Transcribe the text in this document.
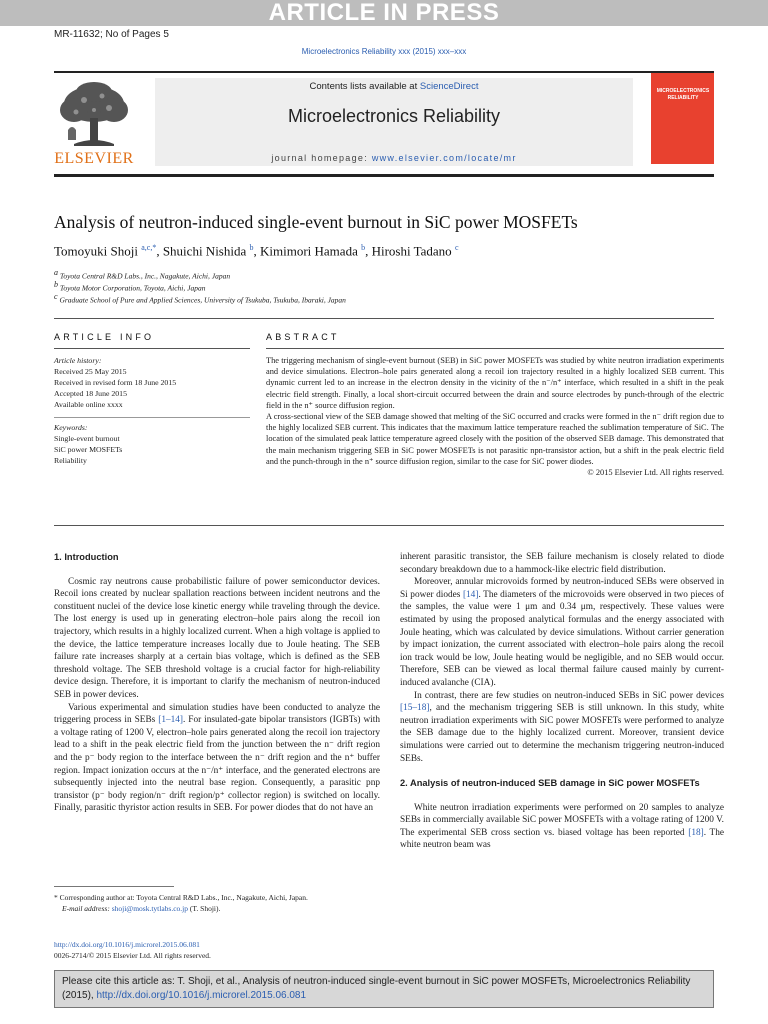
ARTICLE IN PRESS
MR-11632; No of Pages 5
Microelectronics Reliability xxx (2015) xxx–xxx
ELSEVIER
Contents lists available at ScienceDirect
Microelectronics Reliability
journal homepage: www.elsevier.com/locate/mr
MICROELECTRONICS RELIABILITY
Analysis of neutron-induced single-event burnout in SiC power MOSFETs
Tomoyuki Shoji $^{a,c,*}$, Shuichi Nishida $^b$, Kimimori Hamada $^b$, Hiroshi Tadano $^c$
$^a$ Toyota Central R&D Labs., Inc., Nagakute, Aichi, Japan
$^b$ Toyota Motor Corporation, Toyota, Aichi, Japan
$^c$ Graduate School of Pure and Applied Sciences, University of Tsukuba, Tsukuba, Ibaraki, Japan
ARTICLE INFO
Article history:
Received 25 May 2015
Received in revised form 18 June 2015
Accepted 18 June 2015
Available online xxxx
Keywords:
Single-event burnout
SiC power MOSFETs
Reliability
ABSTRACT

The triggering mechanism of single-event burnout (SEB) in SiC power MOSFETs was studied by white neutron irradiation experiments and device simulations. Electron–hole pairs generated along a recoil ion trajectory resulted in a highly localized SEB current. This dynamic current led to an increase in the electron density in the vicinity of the n⁻/n⁺ interface, which resulted in a shift in the peak electric field strength. Finally, a local short-circuit occurred between the drain and source electrodes by punch-through of the electric field in the n⁺ source diffusion region.

A cross-sectional view of the SEB damage showed that melting of the SiC occurred and cracks were formed in the n⁻ drift region due to the highly localized SEB current. This indicates that the maximum lattice temperature reached the sublimation temperature of SiC. The location of the simulated peak lattice temperature agreed closely with the position of the observed SEB damage. This demonstrated that the main mechanism triggering SEB in SiC power MOSFETs is not parasitic npn-transistor action, but a shift in the peak electric field and the punch-through in the n⁺ source diffusion region, similar to the case for SiC power diodes.

© 2015 Elsevier Ltd. All rights reserved.

1. Introduction

Cosmic ray neutrons cause probabilistic failure of power semiconductor devices. Recoil ions created by nuclear spallation reactions between incident neutrons and the constituent nuclei of the device lose kinetic energy while traveling through the device. The lost energy is used up in generating electron–hole pairs along the recoil ion trajectory, which results in a highly localized current. When a high voltage is applied to the device, the lattice temperature increases locally due to Joule heating. The SEB failure rate increases sharply at a certain bias voltage, which is defined as the SEB threshold voltage. The SEB threshold voltage is a crucial factor for high-reliability device design. Therefore, it is important to clarify the mechanism of neutron-induced SEB in power devices.

Various experimental and simulation studies have been conducted to analyze the triggering process in SEBs [1–14]. For insulated-gate bipolar transistors (IGBTs) with a voltage rating of 1200 V, electron–hole pairs generated along the recoil ion trajectory lead to a shift in the peak electric field from the junction between the n⁻ drift region and the p⁻ body region to the interface between the n⁻ drift region and the n⁺ buffer region. Impact ionization occurs at the n⁻/n⁺ interface, and the generated electrons are subsequently injected into the neutral base region. Consequently, a parasitic pnp transistor (p⁻ body region/n⁻ drift region/p⁺ collector region) is switched on locally. Finally, parasitic thyristor action results in SEB. For power diodes that do not have an

inherent parasitic transistor, the SEB failure mechanism is closely related to diode secondary breakdown due to a hammock-like electric field distribution.

Moreover, annular microvoids formed by neutron-induced SEBs were observed in Si power diodes [14]. The diameters of the microvoids were observed in two pieces of the samples, the value were 1 μm and 0.34 μm, respectively. These values were estimated by using the proposed analytical formulas and the energy associated with Joule heating, which was calculated by device simulations. Without carrier generation by impact ionization, the current associated with electron–hole pairs along the recoil ion track would be low, Joule heating would be negligible, and no SEB would occur. Therefore, SEB can be viewed as local thermal failure caused mainly by current-induced avalanche (CIA).

In contrast, there are few studies on neutron-induced SEBs in SiC power devices [15–18], and the mechanism triggering SEB is still unknown. In this study, white neutron irradiation experiments with SiC power MOSFETs were performed to analyze the SEB damage due to the highly localized current. Moreover, transient device simulations were carried out to determine the mechanism triggering neutron-induced SEBs.

2. Analysis of neutron-induced SEB damage in SiC power MOSFETs

White neutron irradiation experiments were performed on 20 samples to analyze SEBs in commercially available SiC power MOSFETs with a voltage rating of 1200 V. The experimental SEB cross section vs. biased voltage has been reported [18]. The white neutron beam was

* Corresponding author at: Toyota Central R&D Labs., Inc., Nagakute, Aichi, Japan.
E-mail address: shoji@mosk.tytlabs.co.jp (T. Shoji).
http://dx.doi.org/10.1016/j.microrel.2015.06.081
0026-2714/© 2015 Elsevier Ltd. All rights reserved.
Please cite this article as: T. Shoji, et al., Analysis of neutron-induced single-event burnout in SiC power MOSFETs, Microelectronics Reliability (2015), http://dx.doi.org/10.1016/j.microrel.2015.06.081
